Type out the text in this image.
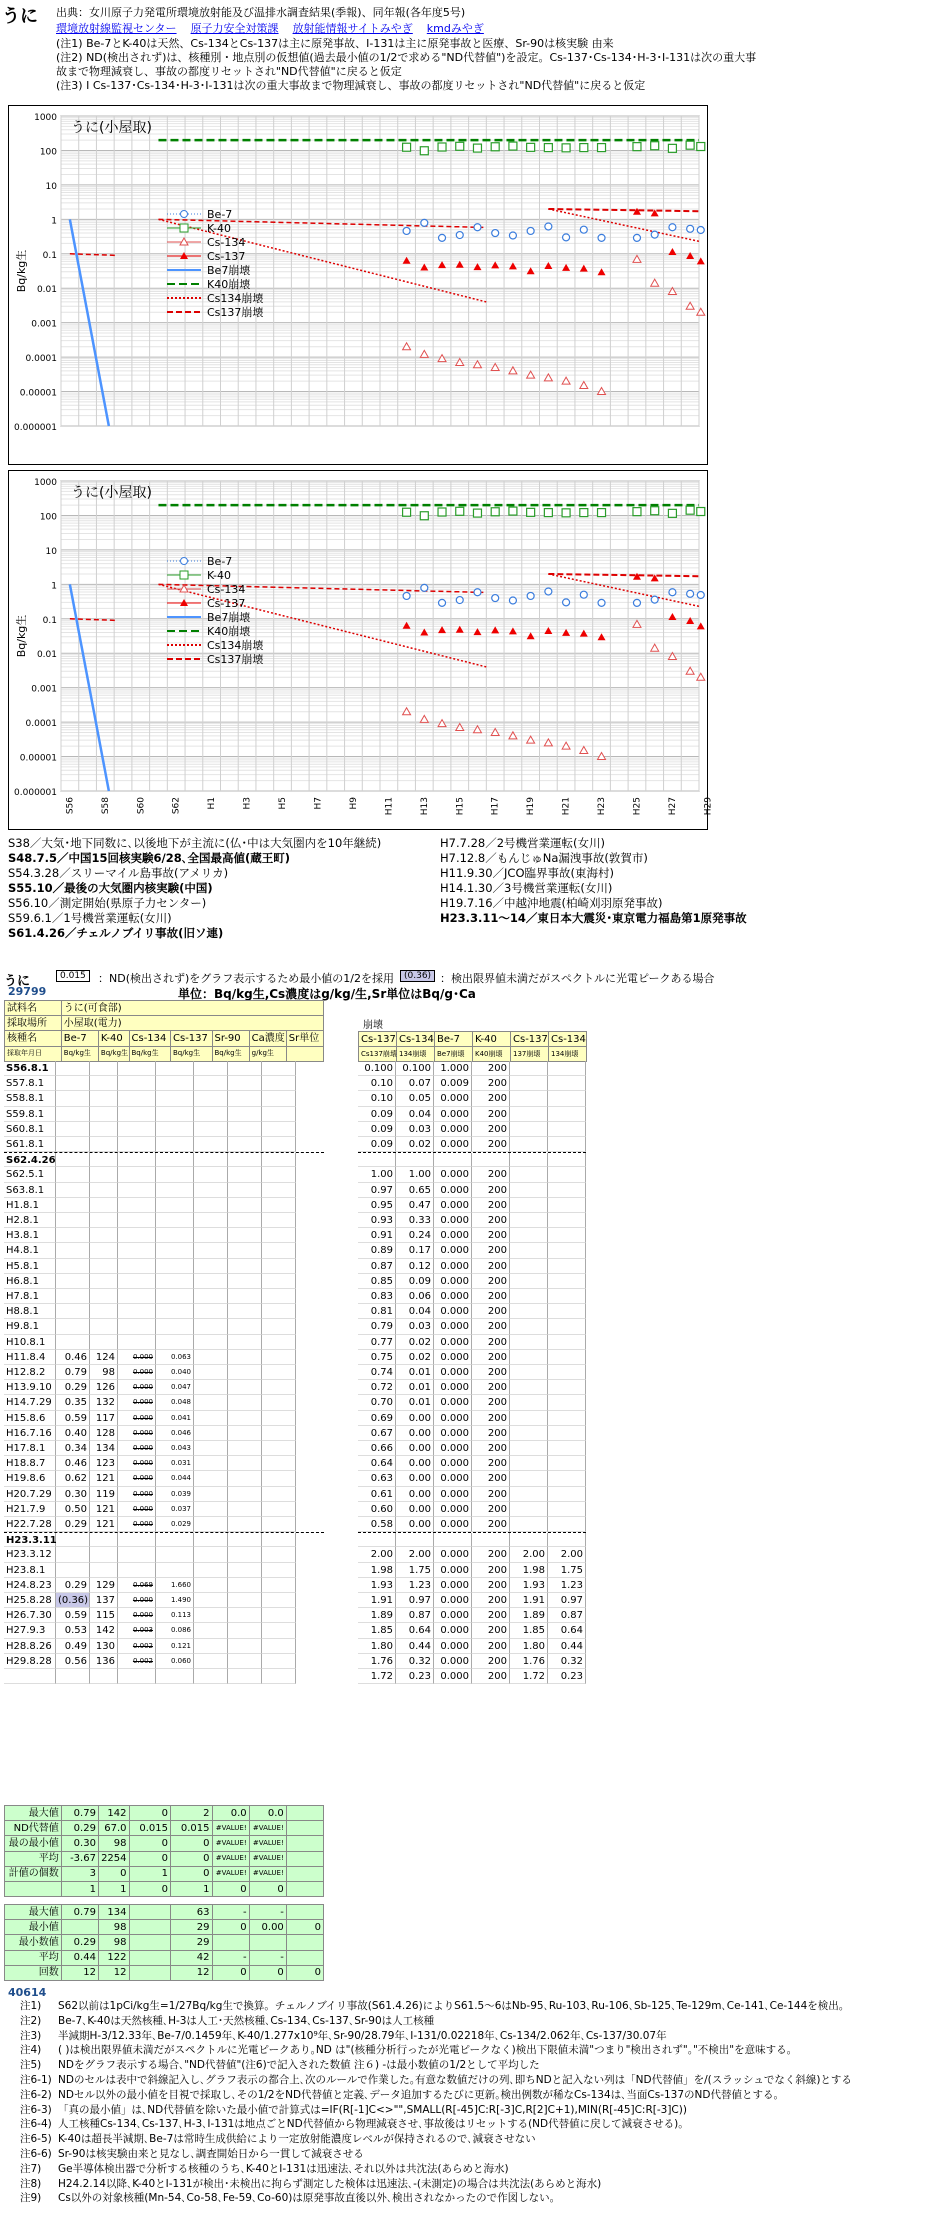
うに 出典：女川原子力発電所環境放射能及び温排水調査結果(季報)、同年報(各年度5号)
環境放射線監視センター 原子力安全対策課 放射能情報サイトみやぎ kmdみやぎ
(注1) Be-7とK-40は天然、Cs-134とCs-137は主に原発事故、I-131は主に原発事故と医療、Sr-90は核実験 由来
(注2) ND(検出されず)は、核種別・地点別の仮想値(過去最小値の1/2で求める"ND代替値")を設定。Cs-137･Cs-134･H-3･I-131は次の重大事
故まで物理減衰し、事故の都度リセットされ"ND代替値"に戻ると仮定
(注3) I Cs-137･Cs-134･H-3･I-131は次の重大事故まで物理減衰し、事故の都度リセットされ"ND代替値"に戻ると仮定
1000
100
10
1
0.1
0.01
0.001
0.0001
0.00001
0.000001
Bq/kg生
うに(小屋取)
Be-7
K-40
Cs-134
Cs-137
Be7崩壊
K40崩壊
Cs134崩壊
Cs137崩壊
1000
100
10
1
0.1
0.01
0.001
0.0001
0.00001
0.000001
Bq/kg生
うに(小屋取)
S56	S58	S60	S62	H1	H3	H5	H7	H9	H11	H13	H15	H17	H19	H21	H23	H25	H27	H29
Be-7
K-40
Cs-134
Cs-137
Be7崩壊
K40崩壊
Cs134崩壊
Cs137崩壊
S38／大気･地下同数に､以後地下が主流に(仏･中は大気圏内を10年継続)
S48.7.5／中国15回核実験6/28､全国最高値(蔵王町)
S54.3.28／スリーマイル島事故(アメリカ)
S55.10／最後の大気圏内核実験(中国)
S56.10／測定開始(県原子力センター)
S59.6.1／1号機営業運転(女川)
S61.4.26／チェルノブイリ事故(旧ソ連)
H7.7.28／2号機営業運転(女川)
H7.12.8／もんじゅNa漏洩事故(敦賀市)
H11.9.30／JCO臨界事故(東海村)
H14.1.30／3号機営業運転(女川)
H19.7.16／中越沖地震(柏崎刈羽原発事故)
H23.3.11～14／東日本大震災･東京電力福島第1原発事故
うに	0.015	：ND(検出されず)をグラフ表示するため最小値の1/2を採用	(0.36) ：検出限界値未満だがスペクトルに光電ピークある場合
29799	単位：Bq/kg生,Cs濃度はg/kg/生,Sr単位はBq/g･Ca
試料名	うに(可食部)						
採取場所	小屋取(電力)						
核種名	Be-7	K-40	Cs-134	Cs-137	Sr-90	Ca濃度	Sr単位
採取年月日	Bq/kg生	Bq/kg生	Bq/kg生	Bq/kg生	Bq/kg生	g/kg生	
崩壊
Cs-137	Cs-134	Be-7	K-40	Cs-137	Cs-134
Cs137崩壊	134崩壊	Be7崩壊	K40崩壊	137崩壊	134崩壊
S56.8.1
S57.8.1
S58.8.1
S59.8.1
S60.8.1
S61.8.1
S62.4.26
S62.5.1
S63.8.1
H1.8.1
H2.8.1
H3.8.1
H4.8.1
H5.8.1
H6.8.1
H7.8.1
H8.8.1
H9.8.1
H10.8.1
H11.8.4	0.46 124	0.000	0.063
H12.8.2	0.79	98	0.000	0.040
H13.9.10	0.29 126	0.000	0.047
H14.7.29	0.35 132	0.000	0.048
H15.8.6	0.59 117	0.000	0.041
H16.7.16	0.40 128	0.000	0.046
H17.8.1	0.34 134	0.000	0.043
H18.8.7	0.46 123	0.000	0.031
H19.8.6	0.62 121	0.000	0.044
H20.7.29	0.30 119	0.000	0.039
H21.7.9	0.50 121	0.000	0.037
H22.7.28	0.29 121	0.000	0.029
H23.3.11
H23.3.12
H23.8.1
H24.8.23	0.29 129	0.069	1.660
H25.8.28 (0.36) 137	0.000	1.490
H26.7.30	0.59 115	0.000	0.113
H27.9.3	0.53 142	0.003	0.086
H28.8.26	0.49 130	0.002	0.121
H29.8.28	0.56 136	0.002	0.060
0.100 0.100 1.000	200
0.10	0.07 0.009	200
0.10	0.05 0.000	200
0.09	0.04 0.000	200
0.09	0.03 0.000	200
0.09	0.02 0.000	200
1.00	1.00 0.000	200
0.97	0.65 0.000	200
0.95	0.47 0.000	200
0.93	0.33 0.000	200
0.91	0.24 0.000	200
0.89	0.17 0.000	200
0.87	0.12 0.000	200
0.85	0.09 0.000	200
0.83	0.06 0.000	200
0.81	0.04 0.000	200
0.79	0.03 0.000	200
0.77	0.02 0.000	200
0.75	0.02 0.000	200
0.74	0.01 0.000	200
0.72	0.01 0.000	200
0.70	0.01 0.000	200
0.69	0.00 0.000	200
0.67	0.00 0.000	200
0.66	0.00 0.000	200
0.64	0.00 0.000	200
0.63	0.00 0.000	200
0.61	0.00 0.000	200
0.60	0.00 0.000	200
0.58	0.00 0.000	200
2.00	2.00 0.000	200	2.00	2.00
1.98	1.75 0.000	200	1.98	1.75
1.93	1.23 0.000	200	1.93	1.23
1.91	0.97 0.000	200	1.91	0.97
1.89	0.87 0.000	200	1.89	0.87
1.85	0.64 0.000	200	1.85	0.64
1.80	0.44 0.000	200	1.80	0.44
1.76	0.32 0.000	200	1.76	0.32
1.72	0.23 0.000	200	1.72	0.23
最大値	0.79	142	0	2	0.0	0.0	
ND代替値	0.29	67.0	0.015	0.015	#VALUE!	#VALUE!	
最の最小値	0.30	98	0	0	#VALUE!	#VALUE!	
平均	-3.67	2254	0	0	#VALUE!	#VALUE!	
計値の個数	3	0	1	0	#VALUE!	#VALUE!	
	1	1	0	1	0	0	
最大値	0.79	134		63	-	-	
最小値		98		29	0	0.00	0
最小数値	0.29	98		29			
平均	0.44	122		42	-	-	
回数	12	12		12	0	0	0
40614
注1) S62以前は1pCi/kg生=1/27Bq/kg生で換算。チェルノブイリ事故(S61.4.26)によりS61.5～6はNb-95､Ru-103､Ru-106､Sb-125､Te-129m､Ce-141､Ce-144を検出。
注2) Be-7､K-40は天然核種､H-3は人工･天然核種､Cs-134､Cs-137､Sr-90は人工核種
注3) 半減期H-3/12.33年､Be-7/0.1459年､K-40/1.277x10⁹年､Sr-90/28.79年､I-131/0.02218年､Cs-134/2.062年､Cs-137/30.07年
注4) ( )は検出限界値未満だがスペクトルに光電ピークあり｡ND は"(核種分析行ったが光電ピークなく)検出下限値未満"つまり"検出されず"｡"不検出"を意味する｡
注5) NDをグラフ表示する場合､"ND代替値"(注6)で記入された数値 注６) -は最小数値の1/2として平均した
注6-1) NDのセルは表中で斜線記入し､グラフ表示の都合上､次のルールで作業した｡有意な数値だけの列､即ちNDと記入ない列は「ND代替値」を/(スラッシュでなく斜線)とする
注6-2) NDセル以外の最小値を目視で採取し､その1/2をND代替値と定義､データ追加するたびに更新｡検出例数が稀なCs-134は､当面Cs-137のND代替値とする｡
注6-3) 「真の最小値」は､ND代替値を除いた最小値で計算式は=IF(R[-1]C<>"",SMALL(R[-45]C:R[-3]C,R[2]C+1),MIN(R[-45]C:R[-3]C))
注6-4) 人工核種Cs-134､Cs-137､H-3､I-131は地点ごとND代替値から物理減衰させ､事故後はリセットする(ND代替値に戻して減衰させる)｡
注6-5) K-40は超長半減期､Be-7は常時生成供給により一定放射能濃度レベルが保持されるので､減衰させない
注6-6) Sr-90は核実験由来と見なし､調査開始日から一貫して減衰させる
注7) Ge半導体検出器で分析する核種のうち､K-40とI-131は迅速法､それ以外は共沈法(あらめと海水)
注8) H24.2.14以降､K-40とI-131が検出･未検出に拘らず測定した検体は迅速法､-(未測定)の場合は共沈法(あらめと海水)
注9) Cs以外の対象核種(Mn-54､Co-58､Fe-59､Co-60)は原発事故直後以外､検出されなかったので作図しない｡
